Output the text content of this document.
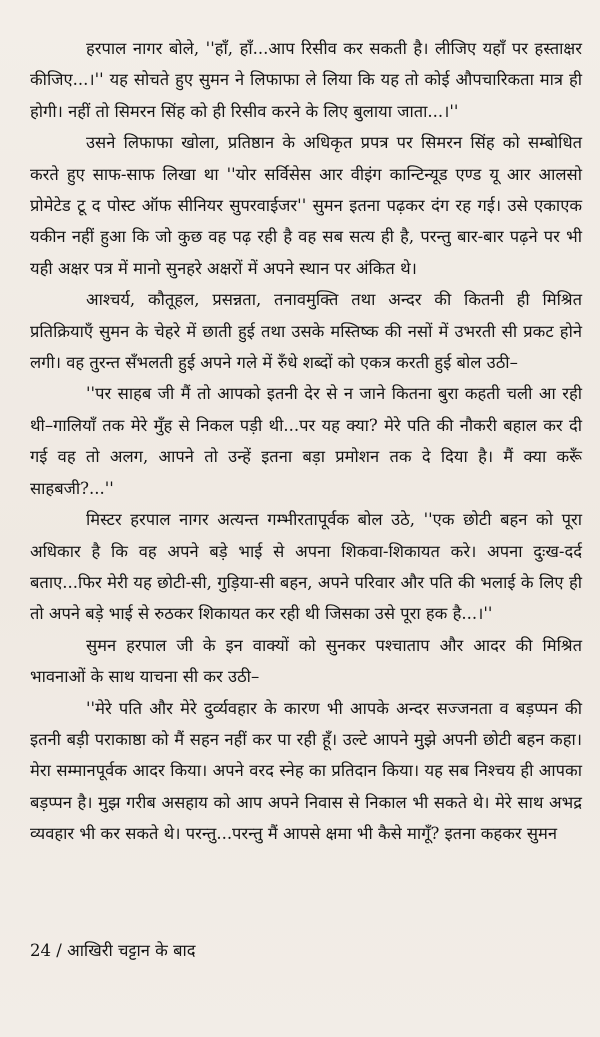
हरपाल नागर बोले, ''हाँ, हाँ...आप रिसीव कर सकती है। लीजिए यहाँ पर हस्ताक्षर कीजिए...।'' यह सोचते हुए सुमन ने लिफाफा ले लिया कि यह तो कोई औपचारिकता मात्र ही होगी। नहीं तो सिमरन सिंह को ही रिसीव करने के लिए बुलाया जाता...।''

उसने लिफाफा खोला, प्रतिष्ठान के अधिकृत प्रपत्र पर सिमरन सिंह को सम्बोधित करते हुए साफ-साफ लिखा था ''योर सर्विसेस आर वीइंग कान्टिन्यूड एण्ड यू आर आलसो प्रोमेटेड टू द पोस्ट ऑफ सीनियर सुपरवाईजर'' सुमन इतना पढ़कर दंग रह गई। उसे एकाएक यकीन नहीं हुआ कि जो कुछ वह पढ़ रही है वह सब सत्य ही है, परन्तु बार-बार पढ़ने पर भी यही अक्षर पत्र में मानो सुनहरे अक्षरों में अपने स्थान पर अंकित थे।

आश्चर्य, कौतूहल, प्रसन्नता, तनावमुक्ति तथा अन्दर की कितनी ही मिश्रित प्रतिक्रियाएँ सुमन के चेहरे में छाती हुई तथा उसके मस्तिष्क की नसों में उभरती सी प्रकट होने लगी। वह तुरन्त सँभलती हुई अपने गले में रुँधे शब्दों को एकत्र करती हुई बोल उठी–

''पर साहब जी मैं तो आपको इतनी देर से न जाने कितना बुरा कहती चली आ रही थी–गालियाँ तक मेरे मुँह से निकल पड़ी थी...पर यह क्या? मेरे पति की नौकरी बहाल कर दी गई वह तो अलग, आपने तो उन्हें इतना बड़ा प्रमोशन तक दे दिया है। मैं क्या करूँ साहबजी?...''

मिस्टर हरपाल नागर अत्यन्त गम्भीरतापूर्वक बोल उठे, ''एक छोटी बहन को पूरा अधिकार है कि वह अपने बड़े भाई से अपना शिकवा-शिकायत करे। अपना दुःख-दर्द बताए...फिर मेरी यह छोटी-सी, गुड़िया-सी बहन, अपने परिवार और पति की भलाई के लिए ही तो अपने बड़े भाई से रुठकर शिकायत कर रही थी जिसका उसे पूरा हक है...।''

सुमन हरपाल जी के इन वाक्यों को सुनकर पश्चाताप और आदर की मिश्रित भावनाओं के साथ याचना सी कर उठी–

''मेरे पति और मेरे दुर्व्यवहार के कारण भी आपके अन्दर सज्जनता व बड़प्पन की इतनी बड़ी पराकाष्ठा को मैं सहन नहीं कर पा रही हूँ। उल्टे आपने मुझे अपनी छोटी बहन कहा। मेरा सम्मानपूर्वक आदर किया। अपने वरद स्नेह का प्रतिदान किया। यह सब निश्चय ही आपका बड़प्पन है। मुझ गरीब असहाय को आप अपने निवास से निकाल भी सकते थे। मेरे साथ अभद्र व्यवहार भी कर सकते थे। परन्तु...परन्तु मैं आपसे क्षमा भी कैसे मागूँ? इतना कहकर सुमन

24 / आखिरी चट्टान के बाद
